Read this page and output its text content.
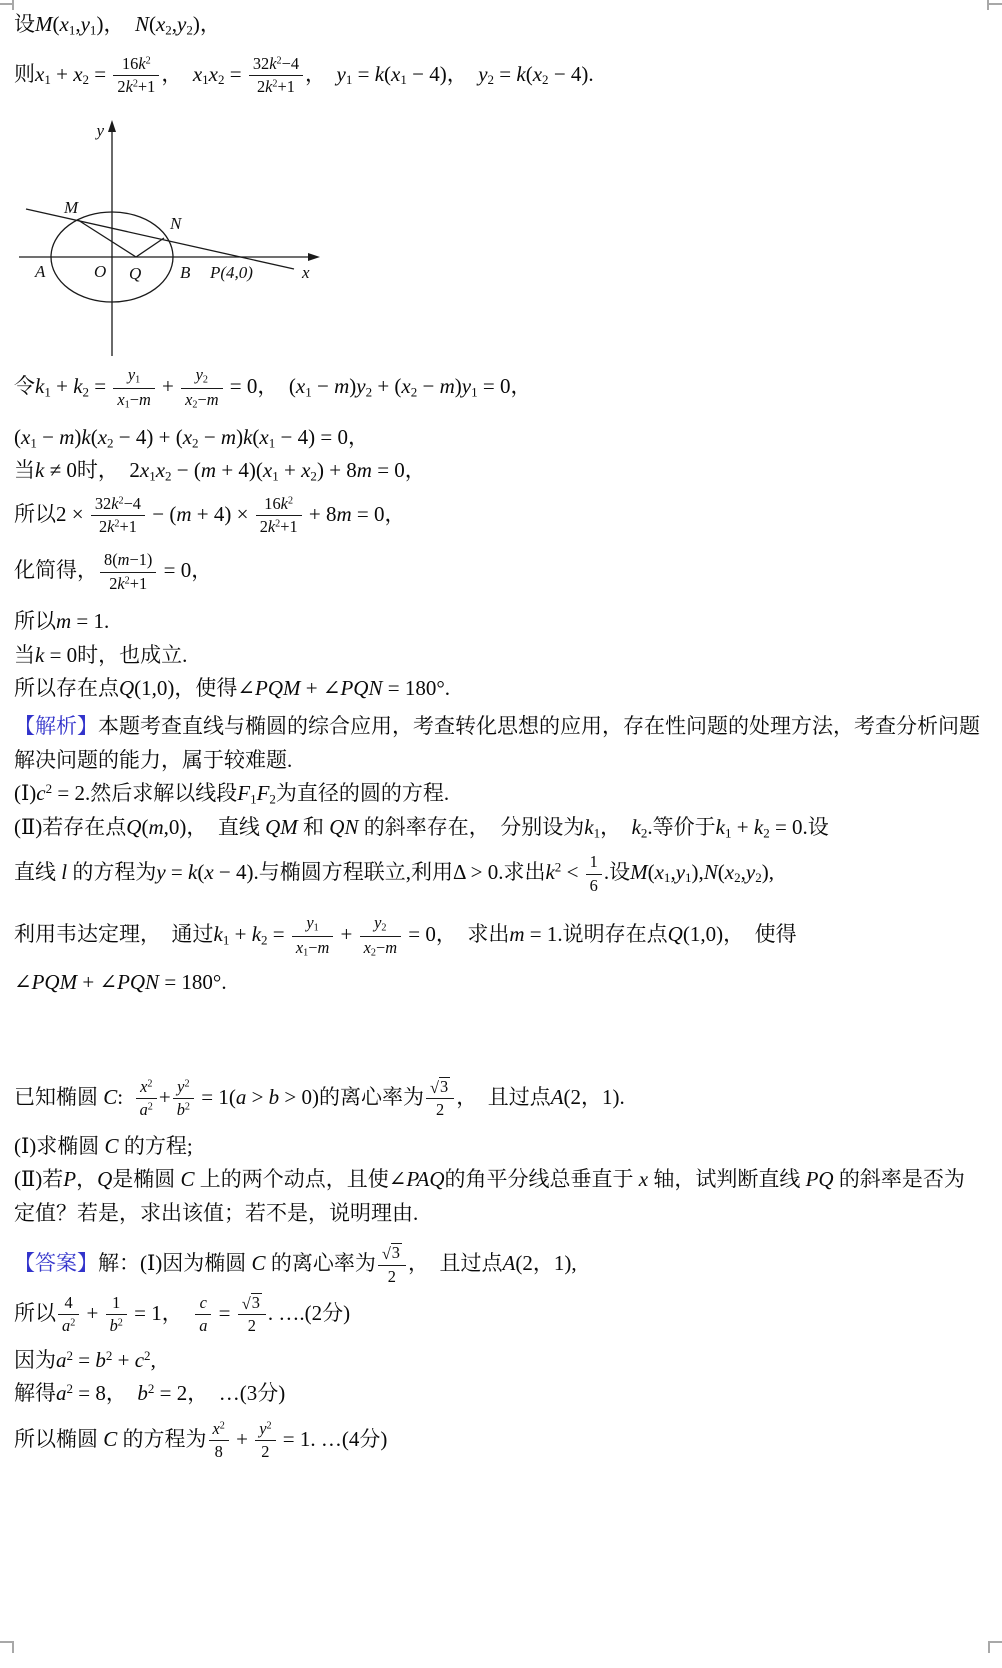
设$M(x_1,y_1)$， $N(x_2,y_2)$，
则$x_1 + x_2 = \frac{16k^2}{2k^2+1}$ ， $x_1x_2 = \frac{32k^2-4}{2k^2+1}$ ， $y_1 = k(x_1 - 4)$， $y_2 = k(x_2 - 4)$.
y
x
M
N
A	O Q B P(4,0)
令$k_1 + k_2 = \frac{y_1}{x_1-m} + \frac{y_2}{x_2-m} = 0$， $(x_1 - m)y_2 + (x_2 - m)y_1 = 0$，
$(x_1 - m)k(x_2 - 4) + (x_2 - m)k(x_1 - 4) = 0$，
当k ≠ 0时， $2x_1x_2 - (m + 4)(x_1 + x_2) + 8m = 0$，
所以$2 \times \frac{32k^2-4}{2k^2+1} - (m + 4) \times \frac{16k^2}{2k^2+1} + 8m = 0$，
化简得， $\frac{8(m-1)}{2k^2+1} = 0$，
所以m = 1.
当k = 0时，也成立.
所以存在点Q(1,0)，使得∠PQM + ∠PQN = 180°.
【解析】本题考查直线与椭圆的综合应用，考查转化思想的应用，存在性问题的处理方法，考查分析问题解决问题的能力，属于较难题.
$(Ⅰ)c^2 = 2$.然后求解以线段$F_1F_2$为直径的圆的方程.
(Ⅱ)若存在点Q(m,0)， 直线 QM 和 QN 的斜率存在， 分别设为$k_1$， $k_2$.等价于$k_1 + k_2 = 0$.设
直线 l 的方程为y = k(x − 4).与椭圆方程联立,利用Δ > 0.求出$k^2 < \frac{1}{6}$ .设$M(x_1,y_1),N(x_2,y_2)$,
利用韦达定理， 通过$k_1 + k_2 = \frac{y_1}{x_1-m} + \frac{y_2}{x_2-m} = 0$， 求出m = 1.说明存在点Q(1,0)， 使得
∠PQM + ∠PQN = 180°.
已知椭圆 C: $\frac{x^2}{a^2} + \frac{y^2}{b^2} = 1(a > b > 0)$的离心率为 $\frac{√3}{2}$ ， 且过点A(2，1).
(Ⅰ)求椭圆 C 的方程;
(Ⅱ)若P，Q是椭圆 C 上的两个动点，且使∠PAQ的角平分线总垂直于 x 轴，试判断直线 PQ 的斜率是否为定值？若是，求出该值；若不是，说明理由.
【答案】解：(Ⅰ)因为椭圆 C 的离心率为 $\frac{√3}{2}$ ， 且过点A(2，1),
所以 $\frac{4}{a^2} + \frac{1}{b^2} = 1$， $\frac{c}{a} = \frac{√3}{2}$ . ….(2分)
因为$a^2 = b^2 + c^2$,
解得$a^2 = 8$， $b^2 = 2$， …(3分)
所以椭圆 C 的方程为 $\frac{x^2}{8} + \frac{y^2}{2} = 1$. …(4分)
